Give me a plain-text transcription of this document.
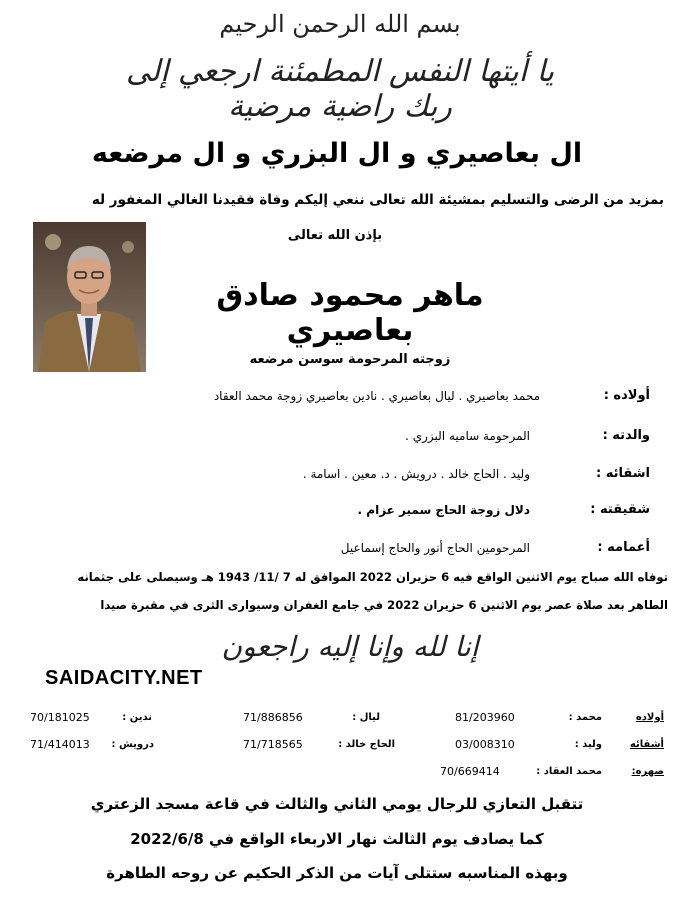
بسم الله الرحمن الرحيم
يا أيتها النفس المطمئنة ارجعي إلى ربك راضية مرضية
ال بعاصيري و ال البزري و ال مرضعه
بمزيد من الرضى والتسليم بمشيئة الله تعالى ننعي إليكم وفاة فقيدنا الغالي المغفور له
بإذن الله تعالى
ماهر محمود صادق بعاصيري
زوجته المرحومة سوسن مرضعه
أولاده :
محمد بعاصيري . ليال بعاصيري . نادين بعاصيري زوجة محمد العقاد
والدته :
المرحومة ساميه البزري .
اشقائه :
وليد . الحاج خالد . درويش . د. معين . اسامة .
شقيقته :
دلال زوجة الحاج سمير عزام .
أعمامه :
المرحومين الحاج أنور والحاج إسماعيل
توفاه الله صباح يوم الاثنين الواقع فيه 6 حزيران 2022 الموافق له 7 /11/ 1943 هـ وسيصلى على جثمانه
الطاهر بعد صلاة عصر يوم الاثنين 6 حزيران 2022 في جامع الغفران وسيوارى الثرى في مقبرة صيدا
إنا لله وإنا إليه راجعون
SAIDACITY.NET
أولاده
محمد :
81/203960
ليال :
71/886856
ندين :
70/181025
أشقائه
وليد :
03/008310
الحاج خالد :
71/718565
درويش :
71/414013
صهره:
محمد العقاد :
70/669414
تتقبل التعازي للرجال يومي الثاني والثالث في قاعة مسجد الزعتري
كما يصادف يوم الثالث نهار الاربعاء الواقع في 2022/6/8
وبهذه المناسبه ستتلى آيات من الذكر الحكيم عن روحه الطاهرة
